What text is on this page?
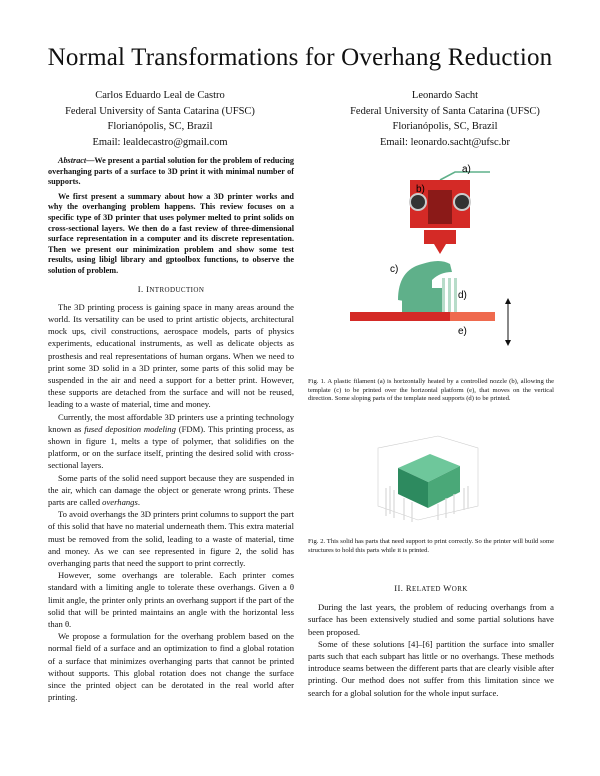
Normal Transformations for Overhang Reduction
Carlos Eduardo Leal de Castro
Federal University of Santa Catarina (UFSC)
Florianópolis, SC, Brazil
Email: lealdecastro@gmail.com
Leonardo Sacht
Federal University of Santa Catarina (UFSC)
Florianópolis, SC, Brazil
Email: leonardo.sacht@ufsc.br
Abstract—We present a partial solution for the problem of reducing overhanging parts of a surface to 3D print it with minimal number of supports.
We first present a summary about how a 3D printer works and why the overhanging problem happens. This review focuses on a specific type of 3D printer that uses polymer melted to print solids on cross-sectional layers. We then do a fast review of three-dimensional surface representation in a computer and its discrete representation. Then we present our minimization problem and show some test results, using libigl library and gptoolbox functions, to observe the solution of problem.
I. INTRODUCTION

The 3D printing process is gaining space in many areas around the world. Its versatility can be used to print artistic objects, architectural mock ups, civil constructions, aerospace models, parts of physics experiments, educational instruments, as well as delicate objects as prosthesis and real representations of human organs. When we need to print some 3D solid in a 3D printer, some parts of this solid may be suspended in the air and need a support for a better print. However, these supports are detached from the surface and will not be reused, leading to a waste of material, time and money.

Currently, the most affordable 3D printers use a printing technology known as fused deposition modeling (FDM). This printing process, as shown in figure 1, melts a type of polymer, that solidifies on the platform, or on the surface itself, printing the desired solid with cross-sectional layers.

Some parts of the solid need support because they are suspended in the air, which can damage the object or generate wrong prints. These parts are called overhangs.

To avoid overhangs the 3D printers print columns to support the part of this solid that have no material underneath them. This extra material must be removed from the solid, leading to a waste of material, time and money. As we can see represented in figure 2, the solid has overhanging parts that need the support to print correctly.

However, some overhangs are tolerable. Each printer comes standard with a limiting angle to tolerate these overhangs. Given a θ limit angle, the printer only prints an overhang support if the part of the solid that will be printed maintains an angle with the horizontal less than θ.

We propose a formulation for the overhang problem based on the normal field of a surface and an optimization to find a global rotation of a surface that minimizes overhanging parts that cannot be printed without supports. This global rotation does not change the surface since the printed object can be derotated in the real world after printing.

a)
b)
c)
d)
e)
Fig. 1. A plastic filament (a) is horizontally heated by a controlled nozzle (b), allowing the template (c) to be printed over the horizontal platform (e), that moves on the vertical direction. Some sloping parts of the template need supports (d) to be printed.
Fig. 2. This solid has parts that need support to print correctly. So the printer will build some structures to hold this parts while it is printed.
II. RELATED WORK

During the last years, the problem of reducing overhangs from a surface has been extensively studied and some partial solutions have been proposed.

Some of these solutions [4]–[6] partition the surface into smaller parts such that each subpart has little or no overhangs. These methods introduce seams between the different parts that are clearly visible after printing. Our method does not suffer from this limitation since we search for a global solution for the whole input surface.
